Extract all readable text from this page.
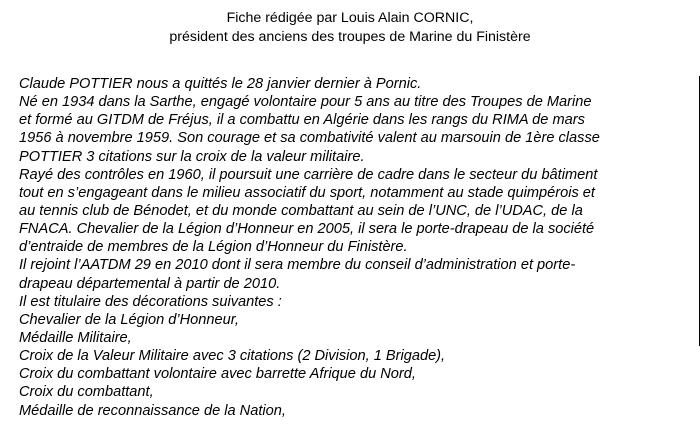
Fiche rédigée par Louis Alain CORNIC,
président des anciens des troupes de Marine du Finistère
Claude POTTIER nous a quittés le 28 janvier dernier à Pornic.
Né en 1934 dans la Sarthe, engagé volontaire pour 5 ans au titre des Troupes de Marine
et formé au GITDM de Fréjus, il a combattu en Algérie dans les rangs du RIMA de mars
1956 à novembre 1959. Son courage et sa combativité valent au marsouin de 1ère classe
POTTIER 3 citations sur la croix de la valeur militaire.
Rayé des contrôles en 1960, il poursuit une carrière de cadre dans le secteur du bâtiment
tout en s’engageant dans le milieu associatif du sport, notamment au stade quimpérois et
au tennis club de Bénodet, et du monde combattant au sein de l’UNC, de l’UDAC, de la
FNACA. Chevalier de la Légion d’Honneur en 2005, il sera le porte-drapeau de la société
d’entraide de membres de la Légion d’Honneur du Finistère.
Il rejoint l’AATDM 29 en 2010 dont il sera membre du conseil d’administration et porte-
drapeau départemental à partir de 2010.
Il est titulaire des décorations suivantes :
Chevalier de la Légion d’Honneur,
Médaille Militaire,
Croix de la Valeur Militaire avec 3 citations (2 Division, 1 Brigade),
Croix du combattant volontaire avec barrette Afrique du Nord,
Croix du combattant,
Médaille de reconnaissance de la Nation,
